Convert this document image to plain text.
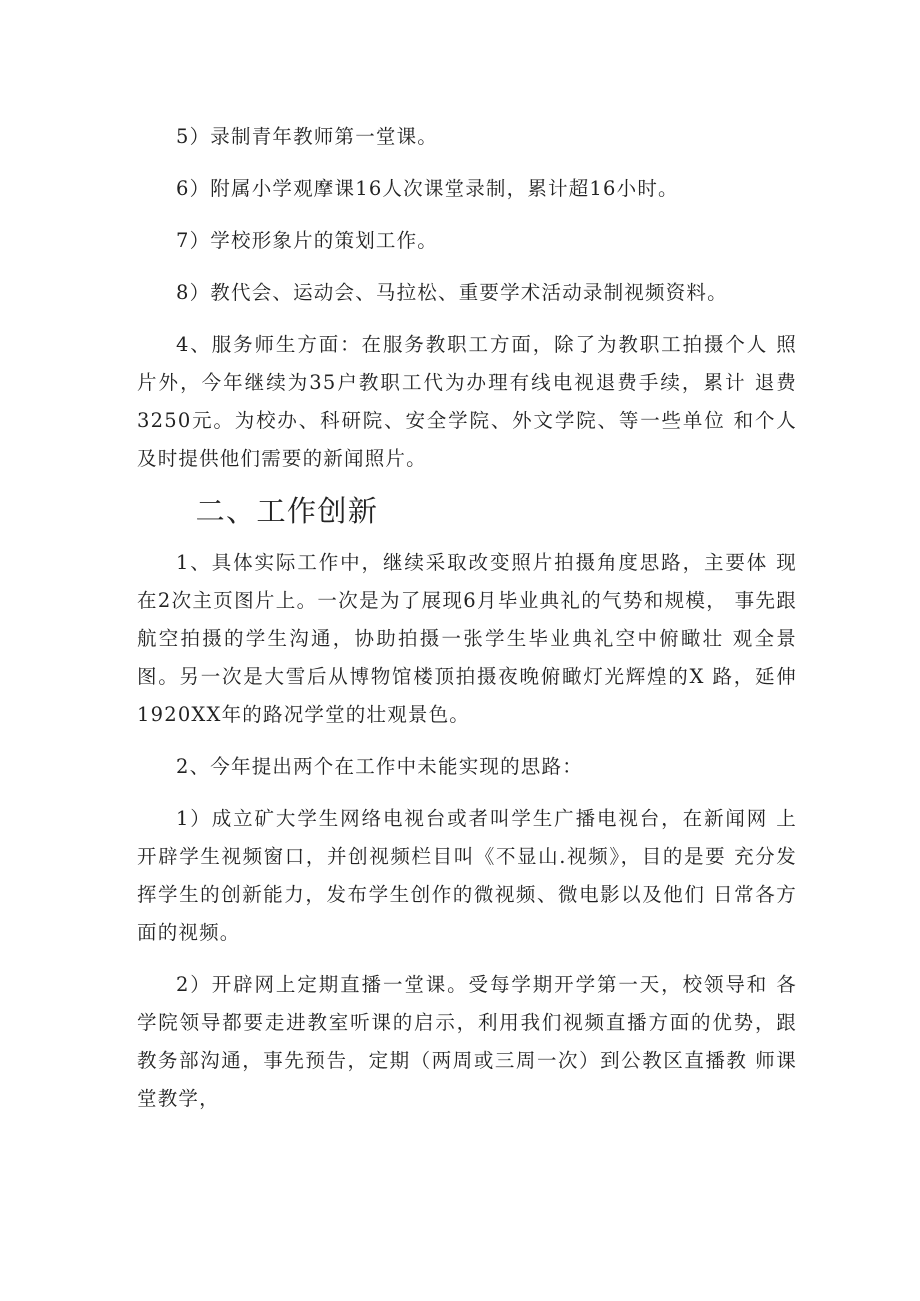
5）录制青年教师第一堂课。

6）附属小学观摩课16人次课堂录制，累计超16小时。

7）学校形象片的策划工作。

8）教代会、运动会、马拉松、重要学术活动录制视频资料。

4、服务师生方面：在服务教职工方面，除了为教职工拍摄个人 照片外，今年继续为35户教职工代为办理有线电视退费手续，累计 退费3250元。为校办、科研院、安全学院、外文学院、等一些单位 和个人及时提供他们需要的新闻照片。

二、工作创新

1、具体实际工作中，继续采取改变照片拍摄角度思路，主要体 现在2次主页图片上。一次是为了展现6月毕业典礼的气势和规模， 事先跟航空拍摄的学生沟通，协助拍摄一张学生毕业典礼空中俯瞰壮 观全景图。另一次是大雪后从博物馆楼顶拍摄夜晚俯瞰灯光辉煌的X 路，延伸1920XX年的路况学堂的壮观景色。

2、今年提出两个在工作中未能实现的思路：

1）成立矿大学生网络电视台或者叫学生广播电视台，在新闻网 上开辟学生视频窗口，并创视频栏目叫《不显山.视频》，目的是要 充分发挥学生的创新能力，发布学生创作的微视频、微电影以及他们 日常各方面的视频。

2）开辟网上定期直播一堂课。受每学期开学第一天，校领导和 各学院领导都要走进教室听课的启示，利用我们视频直播方面的优势，跟教务部沟通，事先预告，定期（两周或三周一次）到公教区直播教 师课堂教学，
